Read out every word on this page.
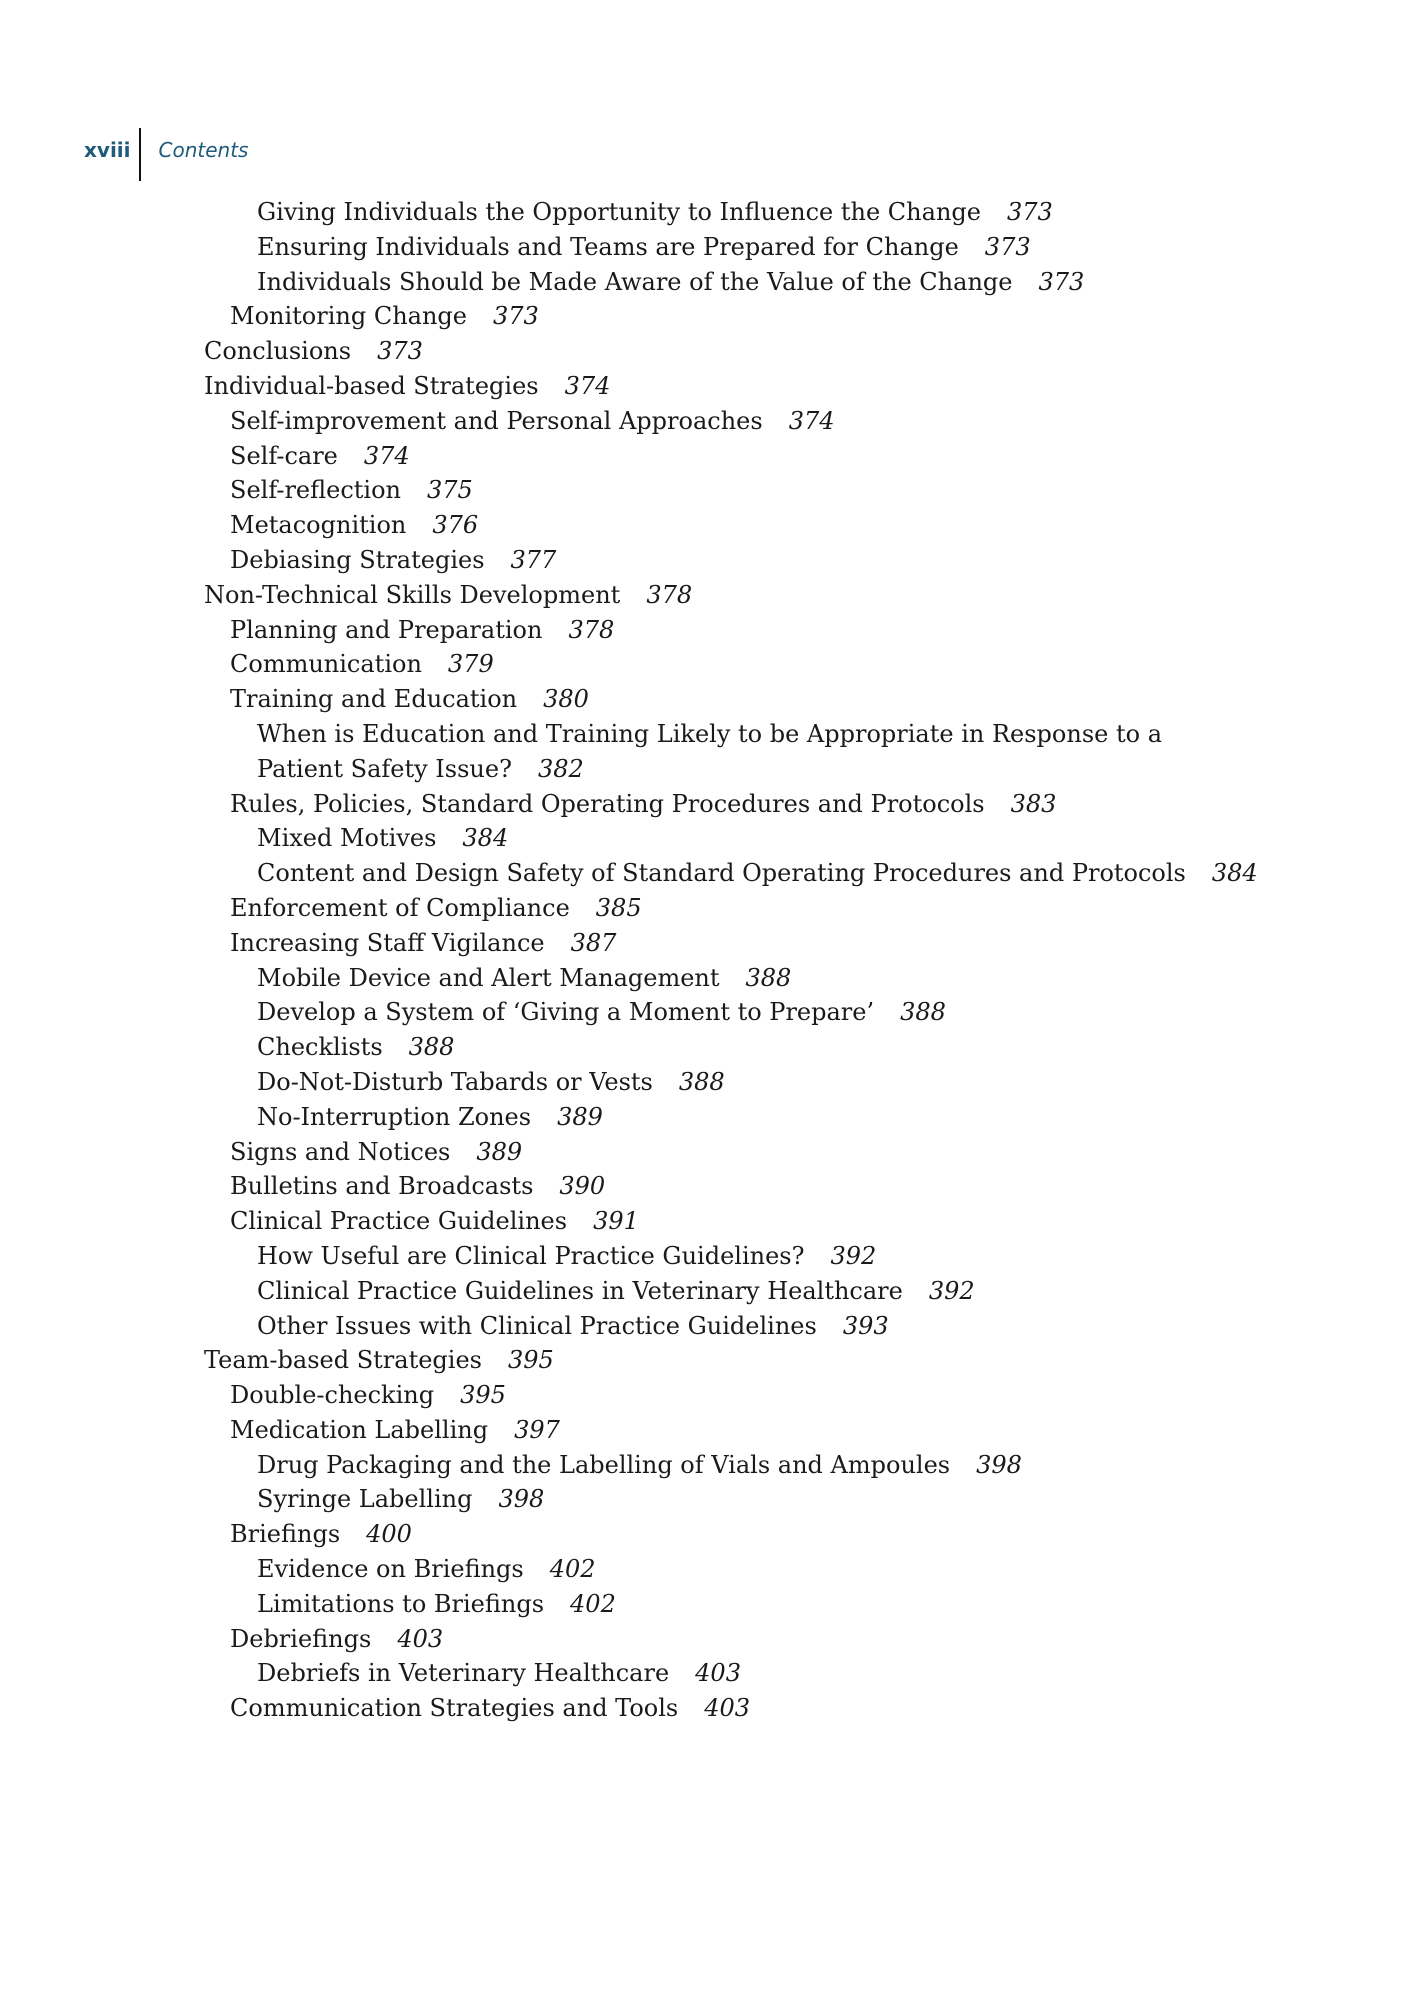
xviii	Contents
Giving Individuals the Opportunity to Influence the Change 373
Ensuring Individuals and Teams are Prepared for Change 373
Individuals Should be Made Aware of the Value of the Change 373
Monitoring Change 373
Conclusions 373
Individual-based Strategies 374
Self-improvement and Personal Approaches 374
Self-care 374
Self-reflection 375
Metacognition 376
Debiasing Strategies 377
Non-Technical Skills Development 378
Planning and Preparation 378
Communication 379
Training and Education 380
When is Education and Training Likely to be Appropriate in Response to a Patient Safety Issue? 382
Rules, Policies, Standard Operating Procedures and Protocols 383
Mixed Motives 384
Content and Design Safety of Standard Operating Procedures and Protocols 384
Enforcement of Compliance 385
Increasing Staff Vigilance 387
Mobile Device and Alert Management 388
Develop a System of ‘Giving a Moment to Prepare’ 388
Checklists 388
Do-Not-Disturb Tabards or Vests 388
No-Interruption Zones 389
Signs and Notices 389
Bulletins and Broadcasts 390
Clinical Practice Guidelines 391
How Useful are Clinical Practice Guidelines? 392
Clinical Practice Guidelines in Veterinary Healthcare 392
Other Issues with Clinical Practice Guidelines 393
Team-based Strategies 395
Double-checking 395
Medication Labelling 397
Drug Packaging and the Labelling of Vials and Ampoules 398
Syringe Labelling 398
Briefings 400
Evidence on Briefings 402
Limitations to Briefings 402
Debriefings 403
Debriefs in Veterinary Healthcare 403
Communication Strategies and Tools 403
